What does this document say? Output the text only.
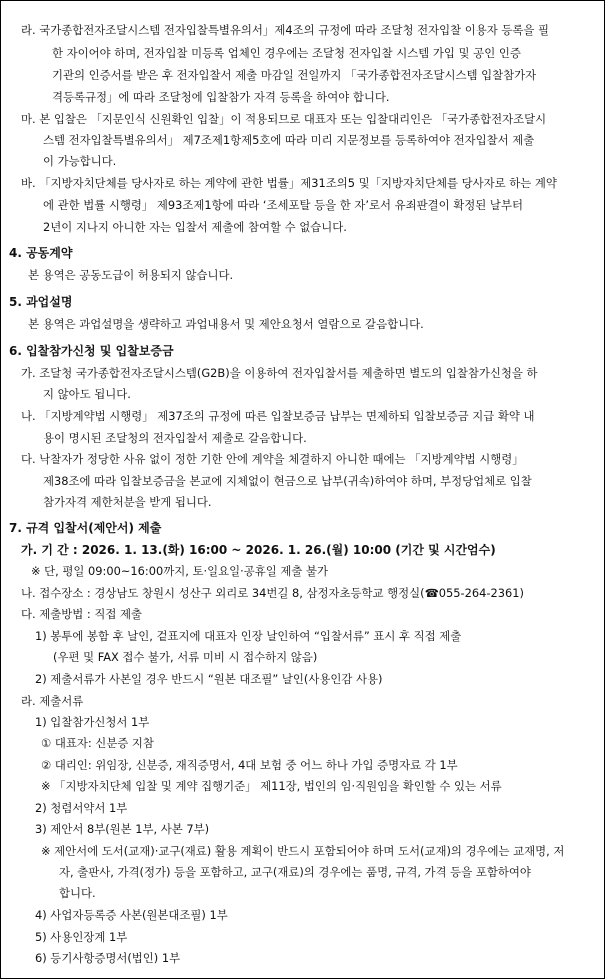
라. 국가종합전자조달시스템 전자입찰특별유의서」제4조의 규정에 따라 조달청 전자입찰 이용자 등록을 필
한 자이어야 하며, 전자입찰 미등록 업체인 경우에는 조달청 전자입찰 시스템 가입 및 공인 인증
기관의 인증서를 받은 후 전자입찰서 제출 마감일 전일까지 「국가종합전자조달시스템 입찰참가자
격등록규정」에 따라 조달청에 입찰참가 자격 등록을 하여야 합니다.
마. 본 입찰은 「지문인식 신원확인 입찰」이 적용되므로 대표자 또는 입찰대리인은 「국가종합전자조달시
스템 전자입찰특별유의서」 제7조제1항제5호에 따라 미리 지문정보를 등록하여야 전자입찰서 제출
이 가능합니다.
바. 「지방자치단체를 당사자로 하는 계약에 관한 법률」제31조의5 및「지방자치단체를 당사자로 하는 계약
에 관한 법률 시행령」 제93조제1항에 따라 ‘조세포탈 등을 한 자’로서 유죄판결이 확정된 날부터
2년이 지나지 아니한 자는 입찰서 제출에 참여할 수 없습니다.
4. 공동계약
본 용역은 공동도급이 허용되지 않습니다.
5. 과업설명
본 용역은 과업설명을 생략하고 과업내용서 및 제안요청서 열람으로 갈음합니다.
6. 입찰참가신청 및 입찰보증금
가. 조달청 국가종합전자조달시스템(G2B)을 이용하여 전자입찰서를 제출하면 별도의 입찰참가신청을 하
지 않아도 됩니다.
나. 「지방계약법 시행령」 제37조의 규정에 따른 입찰보증금 납부는 면제하되 입찰보증금 지급 확약 내
용이 명시된 조달청의 전자입찰서 제출로 갈음합니다.
다. 낙찰자가 정당한 사유 없이 정한 기한 안에 계약을 체결하지 아니한 때에는 「지방계약법 시행령」
제38조에 따라 입찰보증금을 본교에 지체없이 현금으로 납부(귀속)하여야 하며, 부정당업체로 입찰
참가자격 제한처분을 받게 됩니다.
7. 규격 입찰서(제안서) 제출
가. 기 간 : 2026. 1. 13.(화) 16:00 ~ 2026. 1. 26.(월) 10:00 (기간 및 시간엄수)
※ 단, 평일 09:00~16:00까지, 토·일요일·공휴일 제출 불가
나. 접수장소 : 경상남도 창원시 성산구 외리로 34번길 8, 삼정자초등학교 행정실(☎055-264-2361)
다. 제출방법 : 직접 제출
1) 봉투에 봉함 후 날인, 겉표지에 대표자 인장 날인하여 “입찰서류” 표시 후 직접 제출
(우편 및 FAX 접수 불가, 서류 미비 시 접수하지 않음)
2) 제출서류가 사본일 경우 반드시 “원본 대조필” 날인(사용인감 사용)
라. 제출서류
1) 입찰참가신청서 1부
① 대표자: 신분증 지참
② 대리인: 위임장, 신분증, 재직증명서, 4대 보험 중 어느 하나 가입 증명자료 각 1부
※ 「지방자치단체 입찰 및 계약 집행기준」 제11장, 법인의 임·직원임을 확인할 수 있는 서류
2) 청렴서약서 1부
3) 제안서 8부(원본 1부, 사본 7부)
※ 제안서에 도서(교재)·교구(재료) 활용 계획이 반드시 포함되어야 하며 도서(교재)의 경우에는 교재명, 저
자, 출판사, 가격(정가) 등을 포함하고, 교구(재료)의 경우에는 품명, 규격, 가격 등을 포함하여야
합니다.
4) 사업자등록증 사본(원본대조필) 1부
5) 사용인장계 1부
6) 등기사항증명서(법인) 1부
